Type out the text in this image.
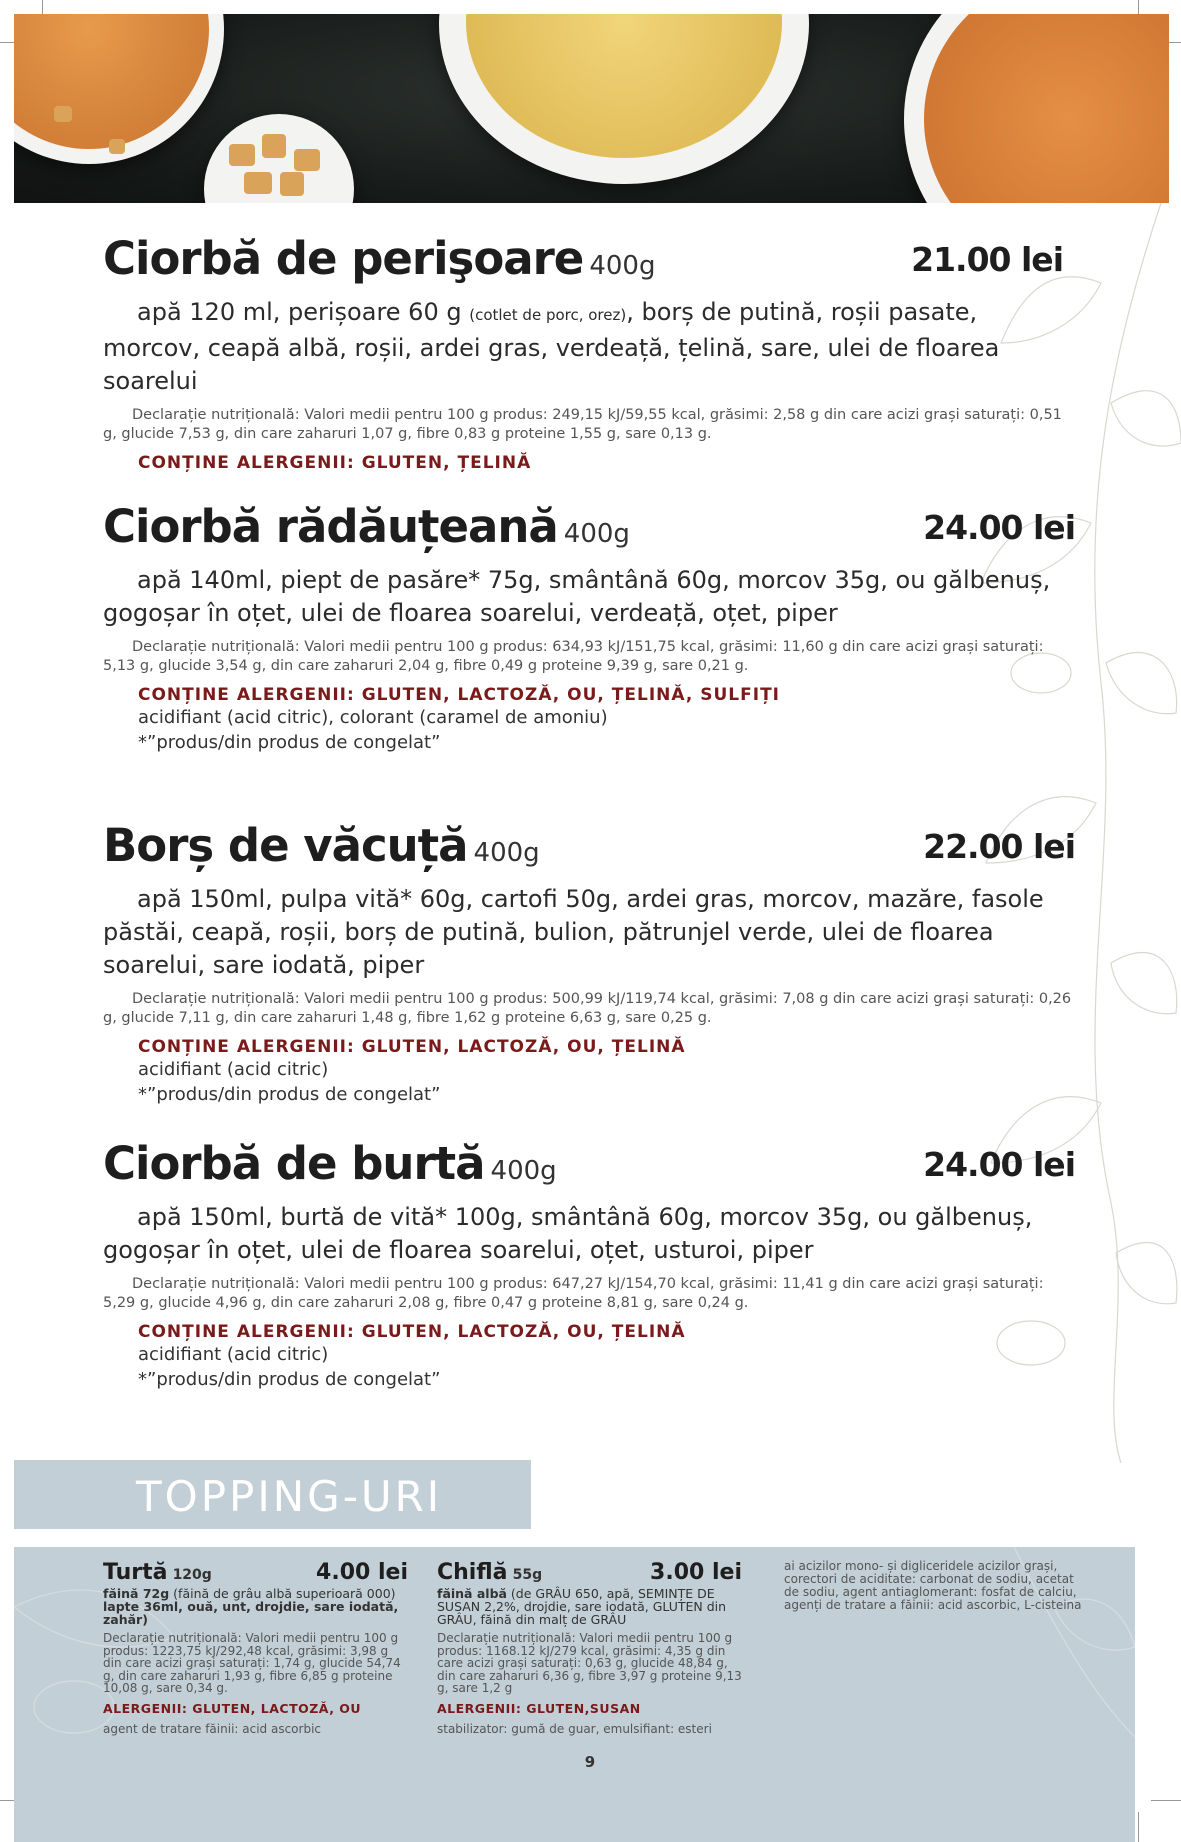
Ciorbă de perişoare 400g	21.00 lei
apă 120 ml, perișoare 60 g (cotlet de porc, orez), borș de putină, roșii pasate, morcov, ceapă albă, roșii, ardei gras, verdeață, țelină, sare, ulei de floarea soarelui
Declarație nutrițională: Valori medii pentru 100 g produs: 249,15 kJ/59,55 kcal, grăsimi: 2,58 g din care acizi grași saturați: 0,51 g, glucide 7,53 g, din care zaharuri 1,07 g, fibre 0,83 g proteine 1,55 g, sare 0,13 g.
CONȚINE ALERGENII: GLUTEN, ȚELINĂ
Ciorbă rădăuțeană 400g	24.00 lei
apă 140ml, piept de pasăre* 75g, smântână 60g, morcov 35g, ou gălbenuș, gogoșar în oțet, ulei de floarea soarelui, verdeață, oțet, piper
Declarație nutrițională: Valori medii pentru 100 g produs: 634,93 kJ/151,75 kcal, grăsimi: 11,60 g din care acizi grași saturați: 5,13 g, glucide 3,54 g, din care zaharuri 2,04 g, fibre 0,49 g proteine 9,39 g, sare 0,21 g.
CONȚINE ALERGENII: GLUTEN, LACTOZĂ, OU, ȚELINĂ, SULFIȚI
acidifiant (acid citric), colorant (caramel de amoniu)
*”produs/din produs de congelat”
Borș de văcuță 400g	22.00 lei
apă 150ml, pulpa vită* 60g, cartofi 50g, ardei gras, morcov, mazăre, fasole păstăi, ceapă, roșii, borș de putină, bulion, pătrunjel verde, ulei de floarea soarelui, sare iodată, piper
Declarație nutrițională: Valori medii pentru 100 g produs: 500,99 kJ/119,74 kcal, grăsimi: 7,08 g din care acizi grași saturați: 0,26 g, glucide 7,11 g, din care zaharuri 1,48 g, fibre 1,62 g proteine 6,63 g, sare 0,25 g.
CONȚINE ALERGENII: GLUTEN, LACTOZĂ, OU, ȚELINĂ
acidifiant (acid citric)
*”produs/din produs de congelat”
Ciorbă de burtă 400g	24.00 lei
apă 150ml, burtă de vită* 100g, smântână 60g, morcov 35g, ou gălbenuș, gogoșar în oțet, ulei de floarea soarelui, oțet, usturoi, piper
Declarație nutrițională: Valori medii pentru 100 g produs: 647,27 kJ/154,70 kcal, grăsimi: 11,41 g din care acizi grași saturați: 5,29 g, glucide 4,96 g, din care zaharuri 2,08 g, fibre 0,47 g proteine 8,81 g, sare 0,24 g.
CONȚINE ALERGENII: GLUTEN, LACTOZĂ, OU, ȚELINĂ
acidifiant (acid citric)
*”produs/din produs de congelat”
TOPPING-URI
Turtă 120g	4.00 lei
făină 72g (făină de grâu albă superioară 000) lapte 36ml, ouă, unt, drojdie, sare iodată, zahăr)
Declarație nutrițională: Valori medii pentru 100 g produs: 1223,75 kJ/292,48 kcal, grăsimi: 3,98 g din care acizi grași saturați: 1,74 g, glucide 54,74 g, din care zaharuri 1,93 g, fibre 6,85 g proteine 10,08 g, sare 0,34 g.
ALERGENII: GLUTEN, LACTOZĂ, OU
agent de tratare făinii: acid ascorbic
Chiflă 55g	3.00 lei
făină albă (de GRÂU 650, apă, SEMINȚE DE SUSAN 2,2%, drojdie, sare iodată, GLUTEN din GRÂU, făină din malț de GRÂU
Declarație nutrițională: Valori medii pentru 100 g produs: 1168.12 kJ/279 kcal, grăsimi: 4,35 g din care acizi grași saturați: 0,63 g, glucide 48,84 g, din care zaharuri 6,36 g, fibre 3,97 g proteine 9,13 g, sare 1,2 g
ALERGENII: GLUTEN,SUSAN
stabilizator: gumă de guar, emulsifiant: esteri
ai acizilor mono- și digliceridele acizilor grași, corectori de aciditate: carbonat de sodiu, acetat de sodiu, agent antiaglomerant: fosfat de calciu, agenți de tratare a făinii: acid ascorbic, L-cisteina
9
